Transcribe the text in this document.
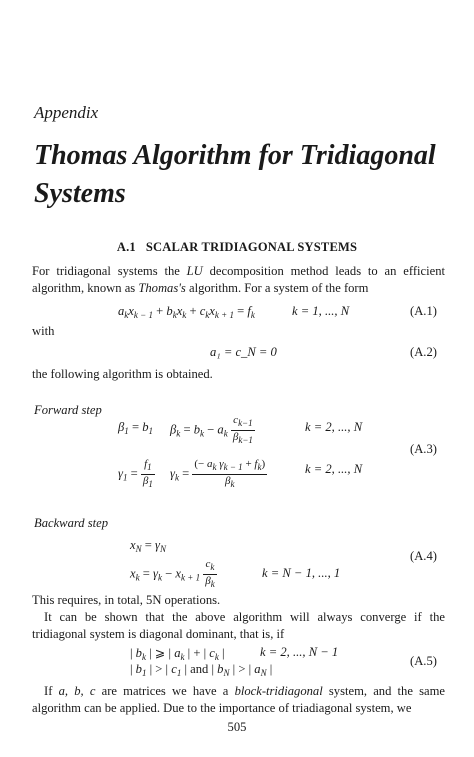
Appendix
Thomas Algorithm for Tridiagonal
Systems
A.1 SCALAR TRIDIAGONAL SYSTEMS

For tridiagonal systems the LU decomposition method leads to an efficient algorithm, known as Thomas's algorithm. For a system of the form

$a_kx_{k - 1} + b_kx_k + c_kx_{k + 1} = f_k$	k = 1, ..., N	(A.1)
with
a₁ = c_N = 0	(A.2)
the following algorithm is obtained.
Forward step
$\beta_1 = b_1$ $\beta_k = b_k - a_k \frac{c_{k-1}}{\beta_{k-1}}$	k = 2, ..., N
(A.3)
$\gamma_1 = \frac{f_1}{\beta_1} \gamma_k = \frac{(- a_k \gamma_{k - 1} + f_k)}{\beta_k}$	k = 2, ..., N
Backward step
$x_N = \gamma_N$	(A.4)
$x_k = \gamma_k - x_{k + 1} \frac{c_k}{\beta_k}$	k = N − 1, ..., 1
This requires, in total, 5N operations.
It can be shown that the above algorithm will always converge if the tridiagonal system is diagonal dominant, that is, if
| $b_k$ | ⩾ | $a_k$ | + | $c_k$ |	k = 2, ..., N − 1
| $b_1$ | > | $c_1$ | and | $b_N$ | > | $a_N$ |
(A.5)
If a, b, c are matrices we have a block-tridiagonal system, and the same algorithm can be applied. Due to the importance of triadiagonal system, we
505
